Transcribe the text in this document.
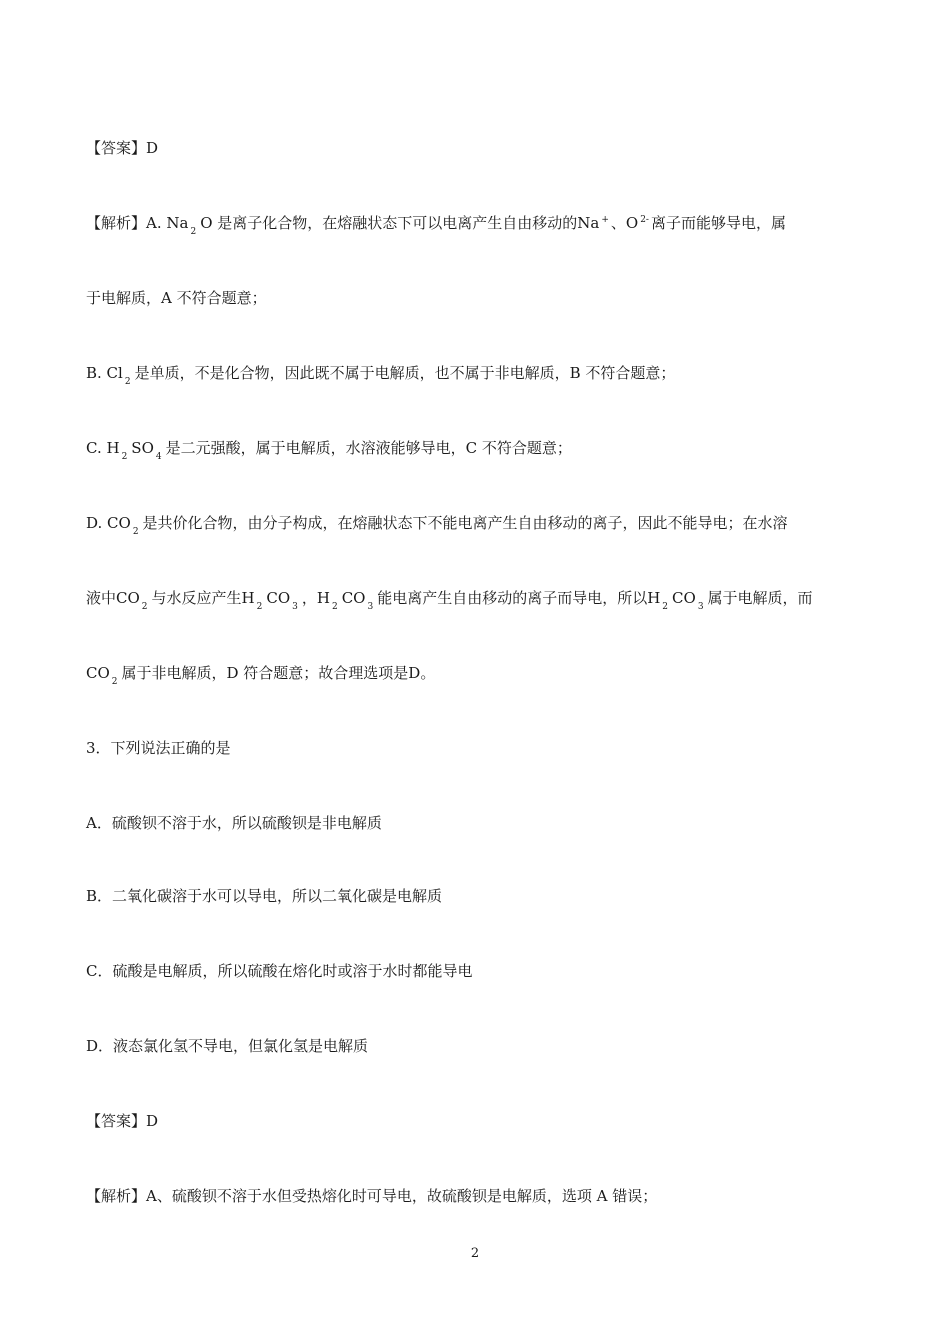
【答案】D
【解析】A. Na $_2$ O 是离子化合物，在熔融状态下可以电离产生自由移动的Na + 、O $^{2-}$ 离子而能够导电，属
于电解质，A 不符合题意；
B. Cl $_2$ 是单质，不是化合物，因此既不属于电解质，也不属于非电解质，B 不符合题意；
C. H $_2$ SO $_4$ 是二元强酸，属于电解质，水溶液能够导电，C 不符合题意；
D. CO $_2$ 是共价化合物，由分子构成，在熔融状态下不能电离产生自由移动的离子，因此不能导电；在水溶
液中CO $_2$ 与水反应产生H $_2$ CO $_3$ ，H $_2$ CO $_3$ 能电离产生自由移动的离子而导电，所以H $_2$ CO $_3$ 属于电解质，而
CO $_2$ 属于非电解质，D 符合题意；故合理选项是D。
3．下列说法正确的是
A．硫酸钡不溶于水，所以硫酸钡是非电解质
B．二氧化碳溶于水可以导电，所以二氧化碳是电解质
C．硫酸是电解质，所以硫酸在熔化时或溶于水时都能导电
D．液态氯化氢不导电，但氯化氢是电解质
【答案】D
【解析】A、硫酸钡不溶于水但受热熔化时可导电，故硫酸钡是电解质，选项 A 错误；
2
